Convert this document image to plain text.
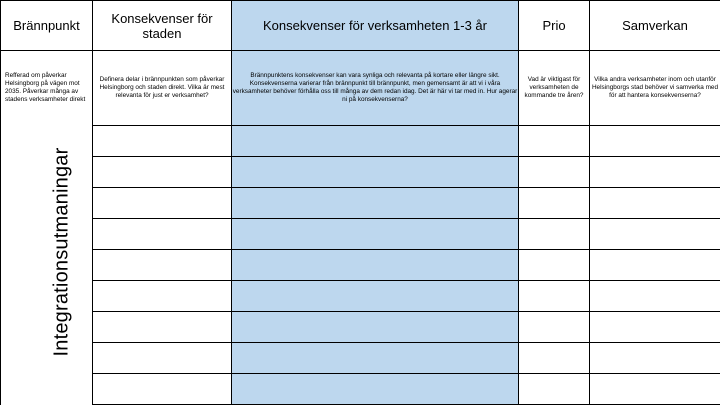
Brännpunkt	Konsekvenser för staden	Konsekvenser för verksamheten 1-3 år	Prio	Samverkan
Refferad om påverkar Helsingborg på vägen mot 2035. Påverkar många av stadens verksamheter direkt	Definera delar i brännpunkten som påverkar Helsingborg och staden direkt. Vilka är mest relevanta för just er verksamhet?	Brännpunktens konsekvenser kan vara synliga och relevanta på kortare eller längre sikt. Konsekvenserna varierar från brännpunkt till brännpunkt, men gemensamt är att vi i våra verksamheter behöver förhålla oss till många av dem redan idag. Det är här vi tar med in. Hur agerar ni på konsekvenserna?	Vad är viktigast för verksamheten de kommande tre åren?	Vilka andra verksamheter inom och utanför Helsingborgs stad behöver vi samverka med för att hantera konsekvenserna?

Integrationsutmaningar
